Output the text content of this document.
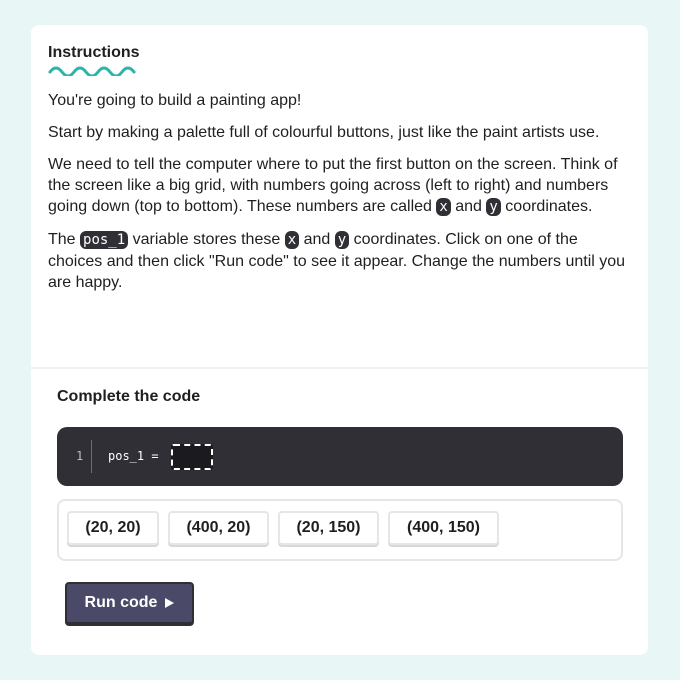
Instructions

You're going to build a painting app!

Start by making a palette full of colourful buttons, just like the paint artists use.

We need to tell the computer where to put the first button on the screen. Think of the screen like a big grid, with numbers going across (left to right) and numbers going down (top to bottom). These numbers are called x and y coordinates.

The pos_1 variable stores these x and y coordinates. Click on one of the choices and then click "Run code" to see it appear. Change the numbers until you are happy.

Complete the code
1 pos_1 =
(20, 20)	(400, 20)	(20, 150)	(400, 150)
Run code
